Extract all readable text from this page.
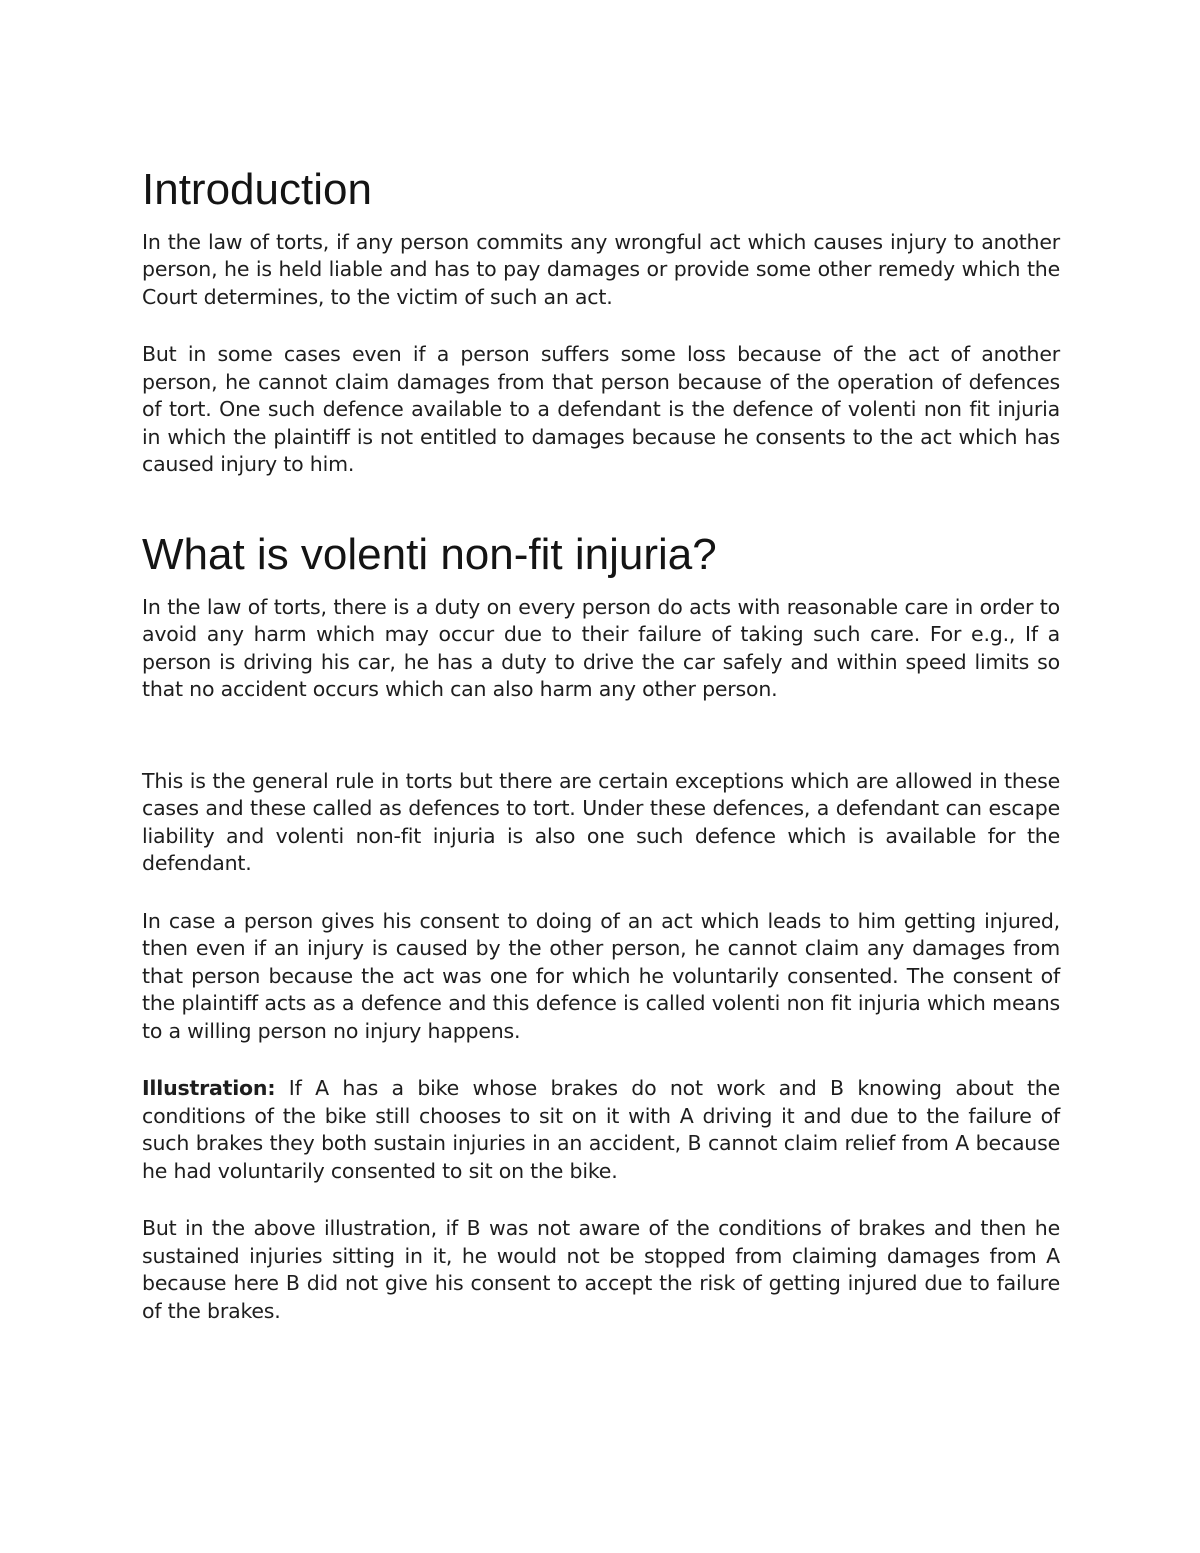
Introduction

In the law of torts, if any person commits any wrongful act which causes injury to another person, he is held liable and has to pay damages or provide some other remedy which the Court determines, to the victim of such an act.

But in some cases even if a person suffers some loss because of the act of another person, he cannot claim damages from that person because of the operation of defences of tort. One such defence available to a defendant is the defence of volenti non fit injuria in which the plaintiff is not entitled to damages because he consents to the act which has caused injury to him.

What is volenti non-fit injuria?

In the law of torts, there is a duty on every person do acts with reasonable care in order to avoid any harm which may occur due to their failure of taking such care. For e.g., If a person is driving his car, he has a duty to drive the car safely and within speed limits so that no accident occurs which can also harm any other person.

This is the general rule in torts but there are certain exceptions which are allowed in these cases and these called as defences to tort. Under these defences, a defendant can escape liability and volenti non-fit injuria is also one such defence which is available for the defendant.

In case a person gives his consent to doing of an act which leads to him getting injured, then even if an injury is caused by the other person, he cannot claim any damages from that person because the act was one for which he voluntarily consented. The consent of the plaintiff acts as a defence and this defence is called volenti non fit injuria which means to a willing person no injury happens.

Illustration: If A has a bike whose brakes do not work and B knowing about the conditions of the bike still chooses to sit on it with A driving it and due to the failure of such brakes they both sustain injuries in an accident, B cannot claim relief from A because he had voluntarily consented to sit on the bike.

But in the above illustration, if B was not aware of the conditions of brakes and then he sustained injuries sitting in it, he would not be stopped from claiming damages from A because here B did not give his consent to accept the risk of getting injured due to failure of the brakes.
